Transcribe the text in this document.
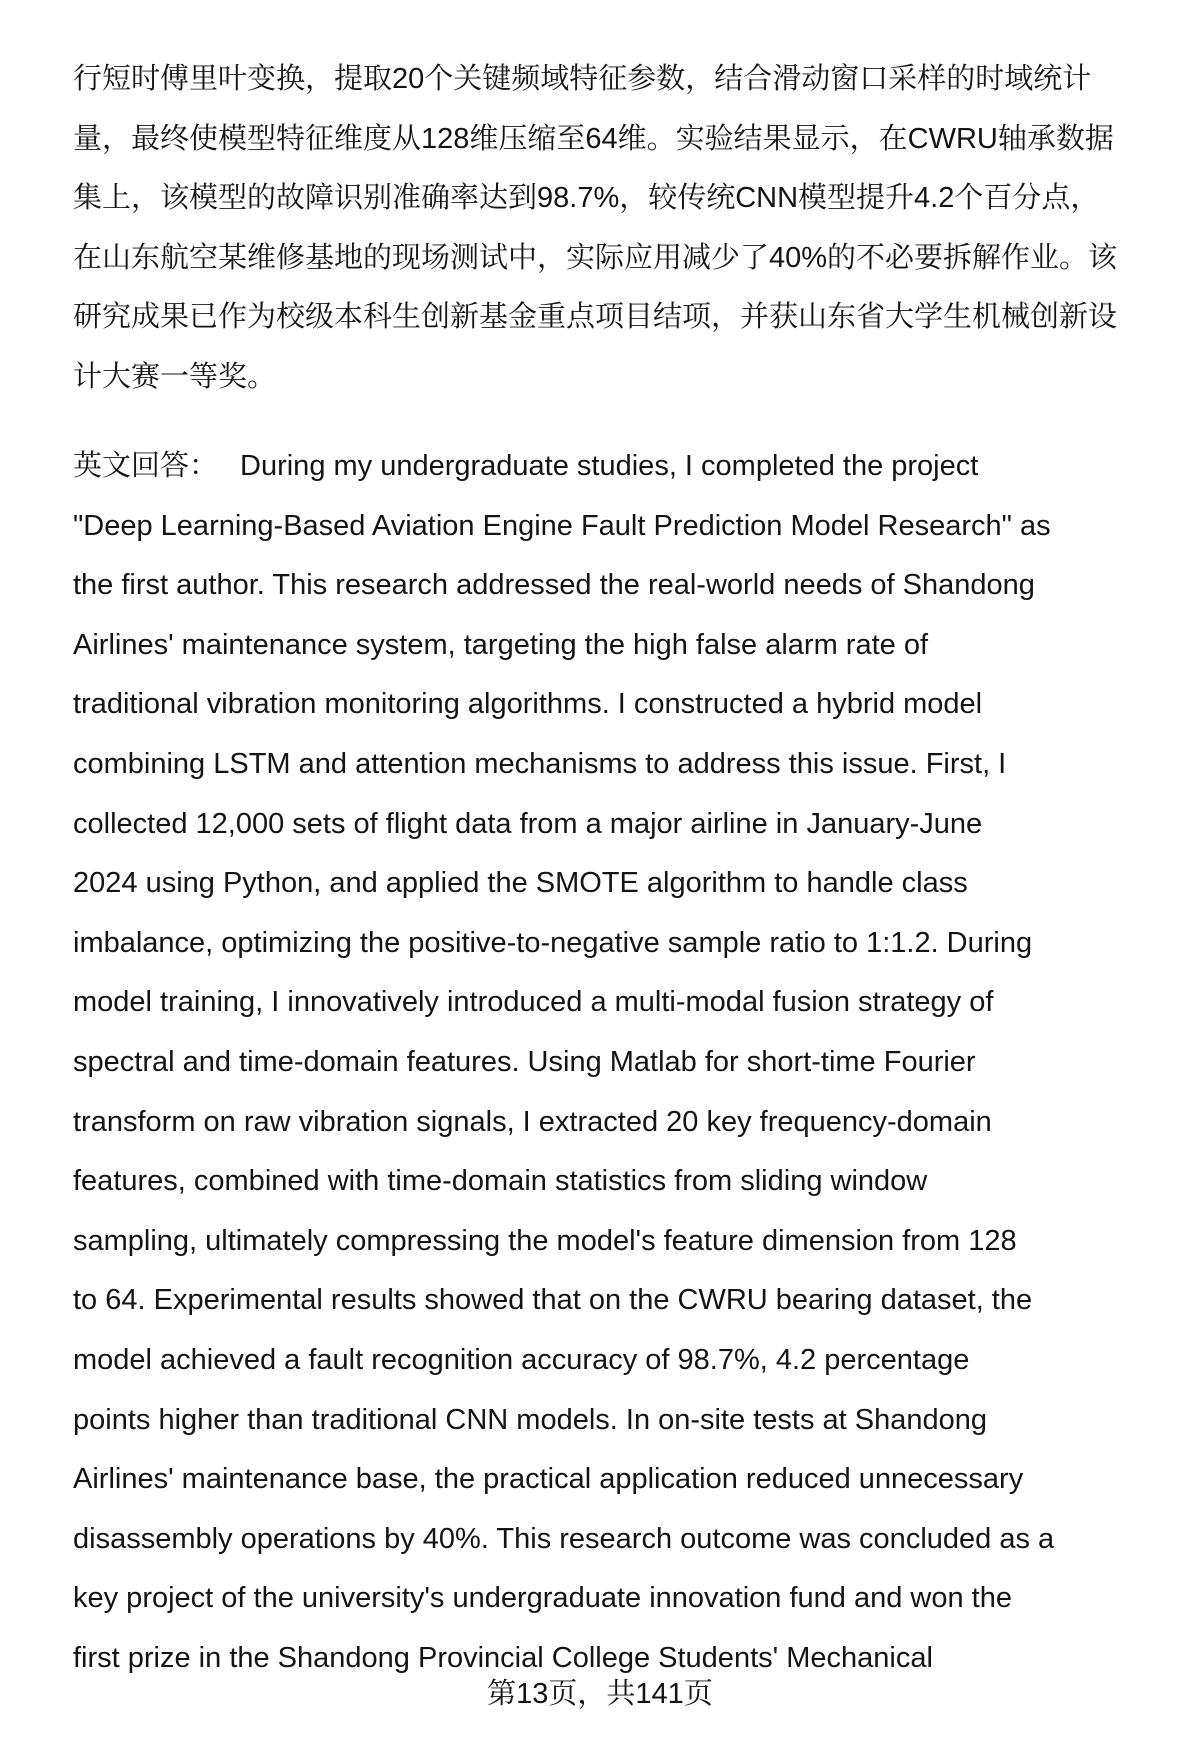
行短时傅里叶变换，提取20个关键频域特征参数，结合滑动窗口采样的时域统计
量，最终使模型特征维度从128维压缩至64维。实验结果显示，在CWRU轴承数据
集上，该模型的故障识别准确率达到98.7%，较传统CNN模型提升4.2个百分点，
在山东航空某维修基地的现场测试中，实际应用减少了40%的不必要拆解作业。该
研究成果已作为校级本科生创新基金重点项目结项，并获山东省大学生机械创新设
计大赛一等奖。
英文回答： During my undergraduate studies, I completed the project
"Deep Learning-Based Aviation Engine Fault Prediction Model Research" as
the first author. This research addressed the real-world needs of Shandong
Airlines' maintenance system, targeting the high false alarm rate of
traditional vibration monitoring algorithms. I constructed a hybrid model
combining LSTM and attention mechanisms to address this issue. First, I
collected 12,000 sets of flight data from a major airline in January-June
2024 using Python, and applied the SMOTE algorithm to handle class
imbalance, optimizing the positive-to-negative sample ratio to 1:1.2. During
model training, I innovatively introduced a multi-modal fusion strategy of
spectral and time-domain features. Using Matlab for short-time Fourier
transform on raw vibration signals, I extracted 20 key frequency-domain
features, combined with time-domain statistics from sliding window
sampling, ultimately compressing the model's feature dimension from 128
to 64. Experimental results showed that on the CWRU bearing dataset, the
model achieved a fault recognition accuracy of 98.7%, 4.2 percentage
points higher than traditional CNN models. In on-site tests at Shandong
Airlines' maintenance base, the practical application reduced unnecessary
disassembly operations by 40%. This research outcome was concluded as a
key project of the university's undergraduate innovation fund and won the
first prize in the Shandong Provincial College Students' Mechanical
第13页，共141页
